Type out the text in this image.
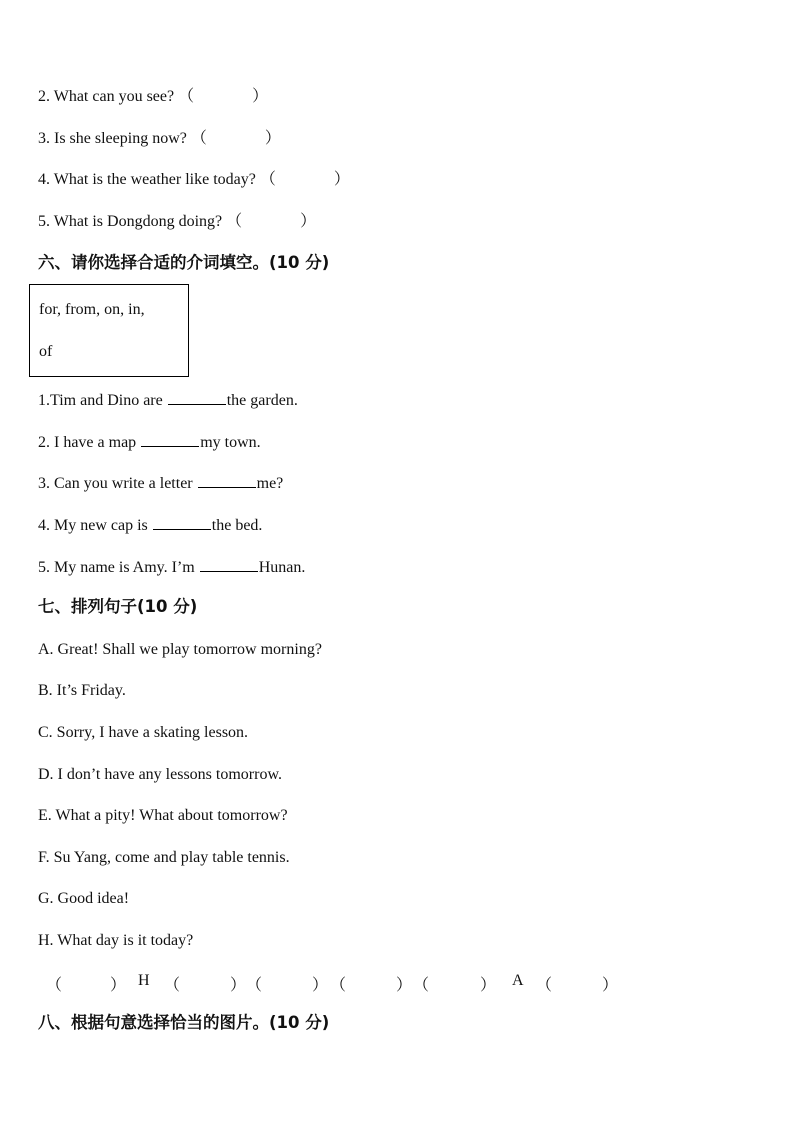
2. What can you see? （	）
3. Is she sleeping now? （	）
4. What is the weather like today? （	）
5. What is Dongdong doing? （	）
六、请你选择合适的介词填空。(10 分)
for, from, on, in,
of
1.Tim and Dino are	the garden.
2. I have a map	my town.
3. Can you write a letter	me?
4. My new cap is	the bed.
5. My name is Amy. I’m	Hunan.
七、排列句子(10 分)
A. Great! Shall we play tomorrow morning?
B. It’s Friday.
C. Sorry, I have a skating lesson.
D. I don’t have any lessons tomorrow.
E. What a pity! What about tomorrow?
F. Su Yang, come and play table tennis.
G. Good idea!
H. What day is it today?
（	） H （	） （	） （	） （	） A （	）
八、根据句意选择恰当的图片。(10 分)
